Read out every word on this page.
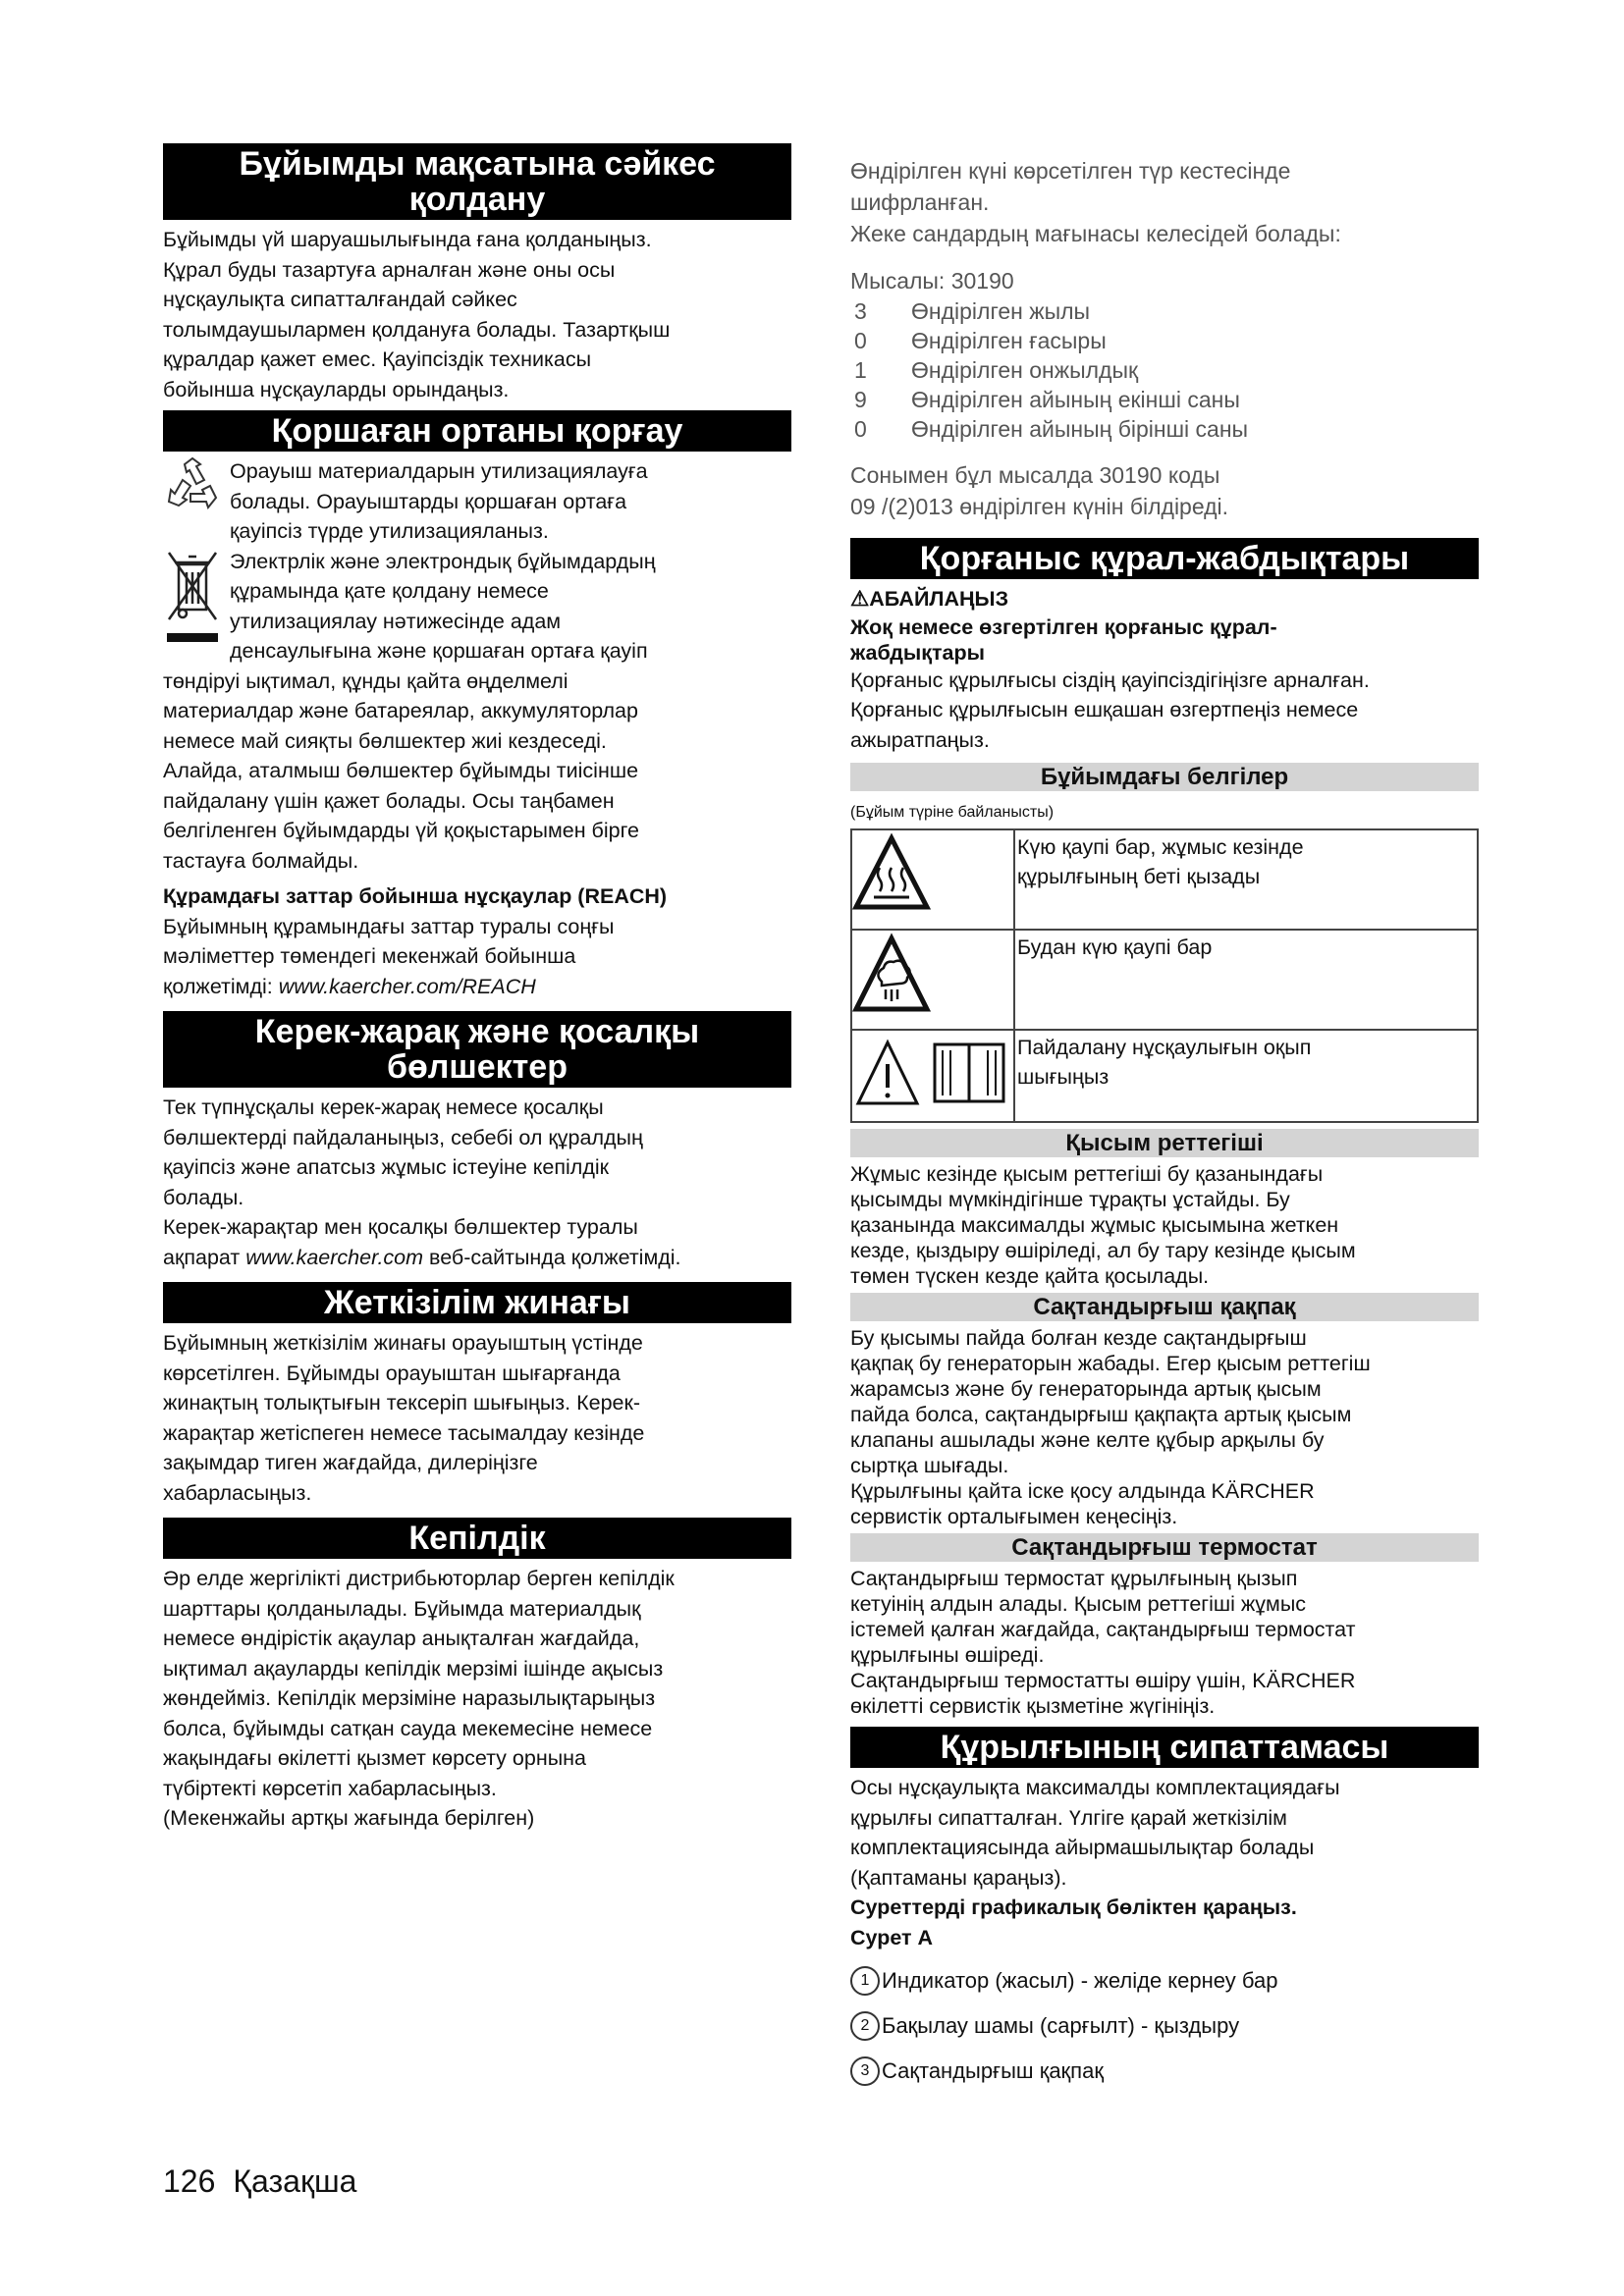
Бұйымды мақсатына сәйкес
қолдану

Бұйымды үй шаруашылығында ғана қолданыңыз.

Құрал буды тазартуға арналған және оны осы

нұсқаулықта сипатталғандай сәйкес

толымдаушылармен қолдануға болады. Тазартқыш

құралдар қажет емес. Қауіпсіздік техникасы

бойынша нұсқауларды орындаңыз.

Қоршаған ортаны қорғау

Орауыш материалдарын утилизациялауға

болады. Орауыштарды қоршаған ортаға

қауіпсіз түрде утилизацияланыз.

Электрлік және электрондық бұйымдардың

құрамында қате қолдану немесе

утилизациялау нәтижесінде адам

денсаулығына және қоршаған ортаға қауіп

төндіруі ықтимал, құнды қайта өңделмелі

материалдар және батареялар, аккумуляторлар

немесе май сияқты бөлшектер жиі кездеседі.

Алайда, аталмыш бөлшектер бұйымды тиісінше

пайдалану үшін қажет болады. Осы таңбамен

белгіленген бұйымдарды үй қоқыстарымен бірге

тастауға болмайды.

Құрамдағы заттар бойынша нұсқаулар (REACH)

Бұйымның құрамындағы заттар туралы соңғы

мәліметтер төмендегі мекенжай бойынша

қолжетімді: www.kaercher.com/REACH

Керек-жарақ және қосалқы
бөлшектер

Тек түпнұсқалы керек-жарақ немесе қосалқы

бөлшектерді пайдаланыңыз, себебі ол құралдың

қауіпсіз және апатсыз жұмыс істеуіне кепілдік

болады.

Керек-жарақтар мен қосалқы бөлшектер туралы

ақпарат www.kaercher.com веб-сайтында қолжетімді.

Жеткізілім жинағы

Бұйымның жеткізілім жинағы орауыштың үстінде

көрсетілген. Бұйымды орауыштан шығарғанда

жинақтың толықтығын тексеріп шығыңыз. Керек-

жарақтар жетіспеген немесе тасымалдау кезінде

зақымдар тиген жағдайда, дилеріңізге

хабарласыңыз.

Кепілдік

Әр елде жергілікті дистрибьюторлар берген кепілдік

шарттары қолданылады. Бұйымда материалдық

немесе өндірістік ақаулар анықталған жағдайда,

ықтимал ақауларды кепілдік мерзімі ішінде ақысыз

жөндейміз. Кепілдік мерзіміне наразылықтарыңыз

болса, бұйымды сатқан сауда мекемесіне немесе

жақындағы өкілетті қызмет көрсету орнына

түбіртекті көрсетіп хабарласыңыз.

(Мекенжайы артқы жағында берілген)

Өндірілген күні көрсетілген түр кестесінде
шифрланған.
Жеке сандардың мағынасы келесідей болады:
Мысалы: 30190
3	Өндірілген жылы
0	Өндірілген ғасыры
1	Өндірілген онжылдық
9	Өндірілген айының екінші саны
0	Өндірілген айының бірінші саны
Сонымен бұл мысалда 30190 коды
09 /(2)013 өндірілген күнін білдіреді.
Қорғаныс құрал-жабдықтары

⚠АБАЙЛАҢЫЗ

Жоқ немесе өзгертілген қорғаныс құрал-

жабдықтары

Қорғаныс құрылғысы сіздің қауіпсіздігіңізге арналған.

Қорғаныс құрылғысын ешқашан өзгертпеңіз немесе

ажыратпаңыз.

Бұйымдағы белгілер

(Бұйым түріне байланысты)

Күю қаупі бар, жұмыс кезінде
құрылғының беті қызады

Будан күю қаупі бар

Пайдалану нұсқаулығын оқып
шығыңыз
Қысым реттегіші

Жұмыс кезінде қысым реттегіші бу қазанындағы

қысымды мүмкіндігінше тұрақты ұстайды. Бу

қазанында максималды жұмыс қысымына жеткен

кезде, қыздыру өшіріледі, ал бу тару кезінде қысым

төмен түскен кезде қайта қосылады.

Сақтандырғыш қақпақ

Бу қысымы пайда болған кезде сақтандырғыш

қақпақ бу генераторын жабады. Егер қысым реттегіш

жарамсыз және бу генераторында артық қысым

пайда болса, сақтандырғыш қақпақта артық қысым

клапаны ашылады және келте құбыр арқылы бу

сыртқа шығады.

Құрылғыны қайта іске қосу алдында KÄRCHER

сервистік орталығымен кеңесіңіз.

Сақтандырғыш термостат

Сақтандырғыш термостат құрылғының қызып

кетуінің алдын алады. Қысым реттегіші жұмыс

істемей қалған жағдайда, сақтандырғыш термостат

құрылғыны өшіреді.

Сақтандырғыш термостатты өшіру үшін, KÄRCHER

өкілетті сервистік қызметіне жүгініңіз.

Құрылғының сипаттамасы

Осы нұсқаулықта максималды комплектациядағы

құрылғы сипатталған. Үлгіге қарай жеткізілім

комплектациясында айырмашылықтар болады

(Қаптаманы қараңыз).

Суреттерді графикалық бөліктен қараңыз.

Сурет A

1 Индикатор (жасыл) - желіде кернеу бар
2 Бақылау шамы (сарғылт) - қыздыру
3 Сақтандырғыш қақпақ
126 Қазақша
